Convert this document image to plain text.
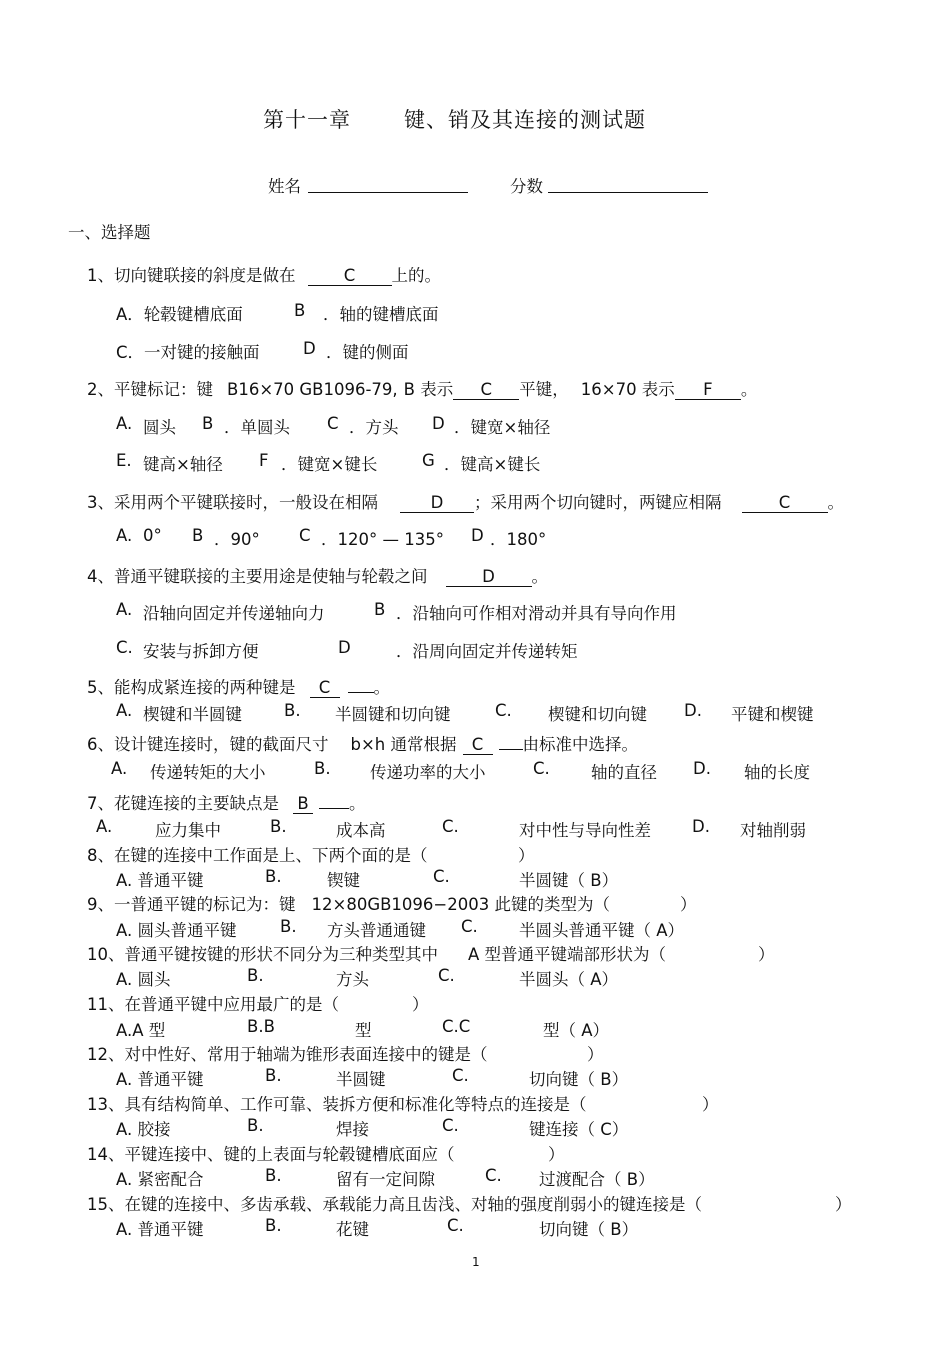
第十一章	键、销及其连接的测试题
姓名	分数
一、选择题
1、切向键联接的斜度是做在	C 上的。
A．轮毂键槽底面	B ．轴的键槽底面
C．一对键的接触面	D ．键的侧面
2、平键标记：键 B16×70 GB1096-79, B 表示 C 平键， 16×70 表示 F 。
A. 圆头 B ．单圆头 C ．方头 D ．键宽×轴径
E. 键高×轴径 F ．键宽×键长	G ．键高×键长
3、采用两个平键联接时，一般设在相隔	D ；采用两个切向键时，两键应相隔	C 。
A. 0° B ．90° C ．120° — 135° D ．180°
4、普通平键联接的主要用途是使轴与轮毂之间	D 。
A. 沿轴向固定并传递轴向力	B ．沿轴向可作相对滑动并具有导向作用
C. 安装与拆卸方便	D	．沿周向固定并传递转矩
5、能构成紧连接的两种键是 C	。
A. 楔键和半圆键	B. 半圆键和切向键	C. 楔键和切向键 D. 平键和楔键
6、设计键连接时，键的截面尺寸 b×h 通常根据 C 由标准中选择。
A. 传递转矩的大小	B. 传递功率的大小	C. 轴的直径 D. 轴的长度
7、花键连接的主要缺点是 B 。
A.	应力集中	B.	成本高	C.	对中性与导向性差 D. 对轴削弱
8、在键的连接中工作面是上、下两个面的是（	）
A. 普通平键	B.	锲键	C.	半圆键（ B）
9、一普通平键的标记为：键 12×80GB1096−2003 此键的类型为（	）
A. 圆头普通平键	B. 方头普通通键 C. 半圆头普通平键（ A）
10、普通平键按键的形状不同分为三种类型其中 A 型普通平键端部形状为（	）
A. 圆头	B.	方头	C.	半圆头（ A）
11、在普通平键中应用最广的是（	）
A.A 型	B.B	型	C.C	型（ A）
12、对中性好、常用于轴端为锥形表面连接中的键是（	）
A. 普通平键	B.	半圆键	C.	切向键（ B）
13、具有结构简单、工作可靠、装拆方便和标准化等特点的连接是（	）
A. 胶接	B.	焊接	C.	键连接（ C）
14、平键连接中、键的上表面与轮毂键槽底面应（	）
A. 紧密配合	B.	留有一定间隙	C. 过渡配合（ B）
15、在键的连接中、多齿承载、承载能力高且齿浅、对轴的强度削弱小的键连接是（	）
A. 普通平键	B.	花键	C.	切向键（ B）
1
